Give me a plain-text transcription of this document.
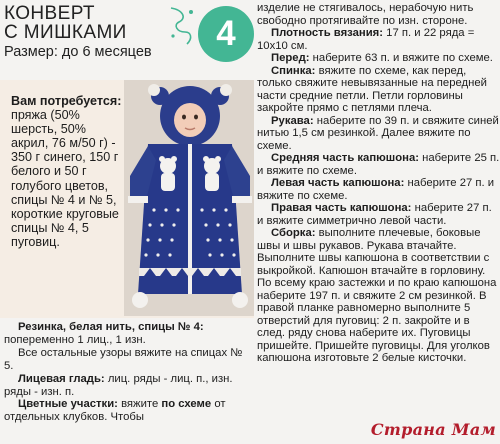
КОНВЕРТ
С МИШКАМИ

Размер: до 6 месяцев	4
Вам потребуется:
пряжа (50% шерсть, 50% акрил, 76 м/50 г) - 350 г синего, 150 г белого и 50 г голубого цветов, спицы № 4 и № 5, короткие круговые спицы № 4, 5 пуговиц.

Резинка, белая нить, спицы № 4: попеременно 1 лиц., 1 изн.

Все остальные узоры вяжите на спицах № 5.

Лицевая гладь: лиц. ряды - лиц. п., изн. ряды - изн. п.

Цветные участки: вяжите по схеме от отдельных клубков. Чтобы

изделие не стягивалось, нерабочую нить свободно протягивайте по изн. стороне.

Плотность вязания: 17 п. и 22 ряда = 10x10 см.

Перед: наберите 63 п. и вяжите по схеме.

Спинка: вяжите по схеме, как перед, только свяжите невывязанные на передней части средние петли. Петли горловины закройте прямо с петлями плеча.

Рукава: наберите по 39 п. и свяжите синей нитью 1,5 см резинкой. Далее вяжите по схеме.

Средняя часть капюшона: наберите 25 п. и вяжите по схеме.

Левая часть капюшона: наберите 27 п. и вяжите по схеме.

Правая часть капюшона: наберите 27 п. и вяжите симметрично левой части.

Сборка: выполните плечевые, боковые швы и швы рукавов. Рукава втачайте. Выполните швы капюшона в соответствии с выкройкой. Капюшон втачайте в горловину. По всему краю застежки и по краю капюшона наберите 197 п. и свяжите 2 см резинкой. В правой планке равномерно выполните 5 отверстий для пуговиц: 2 п. закройте и в след. ряду снова наберите их. Пуговицы пришейте. Пришейте пуговицы. Для уголков капюшона изготовьте 2 белые кисточки.

Страна Мам
